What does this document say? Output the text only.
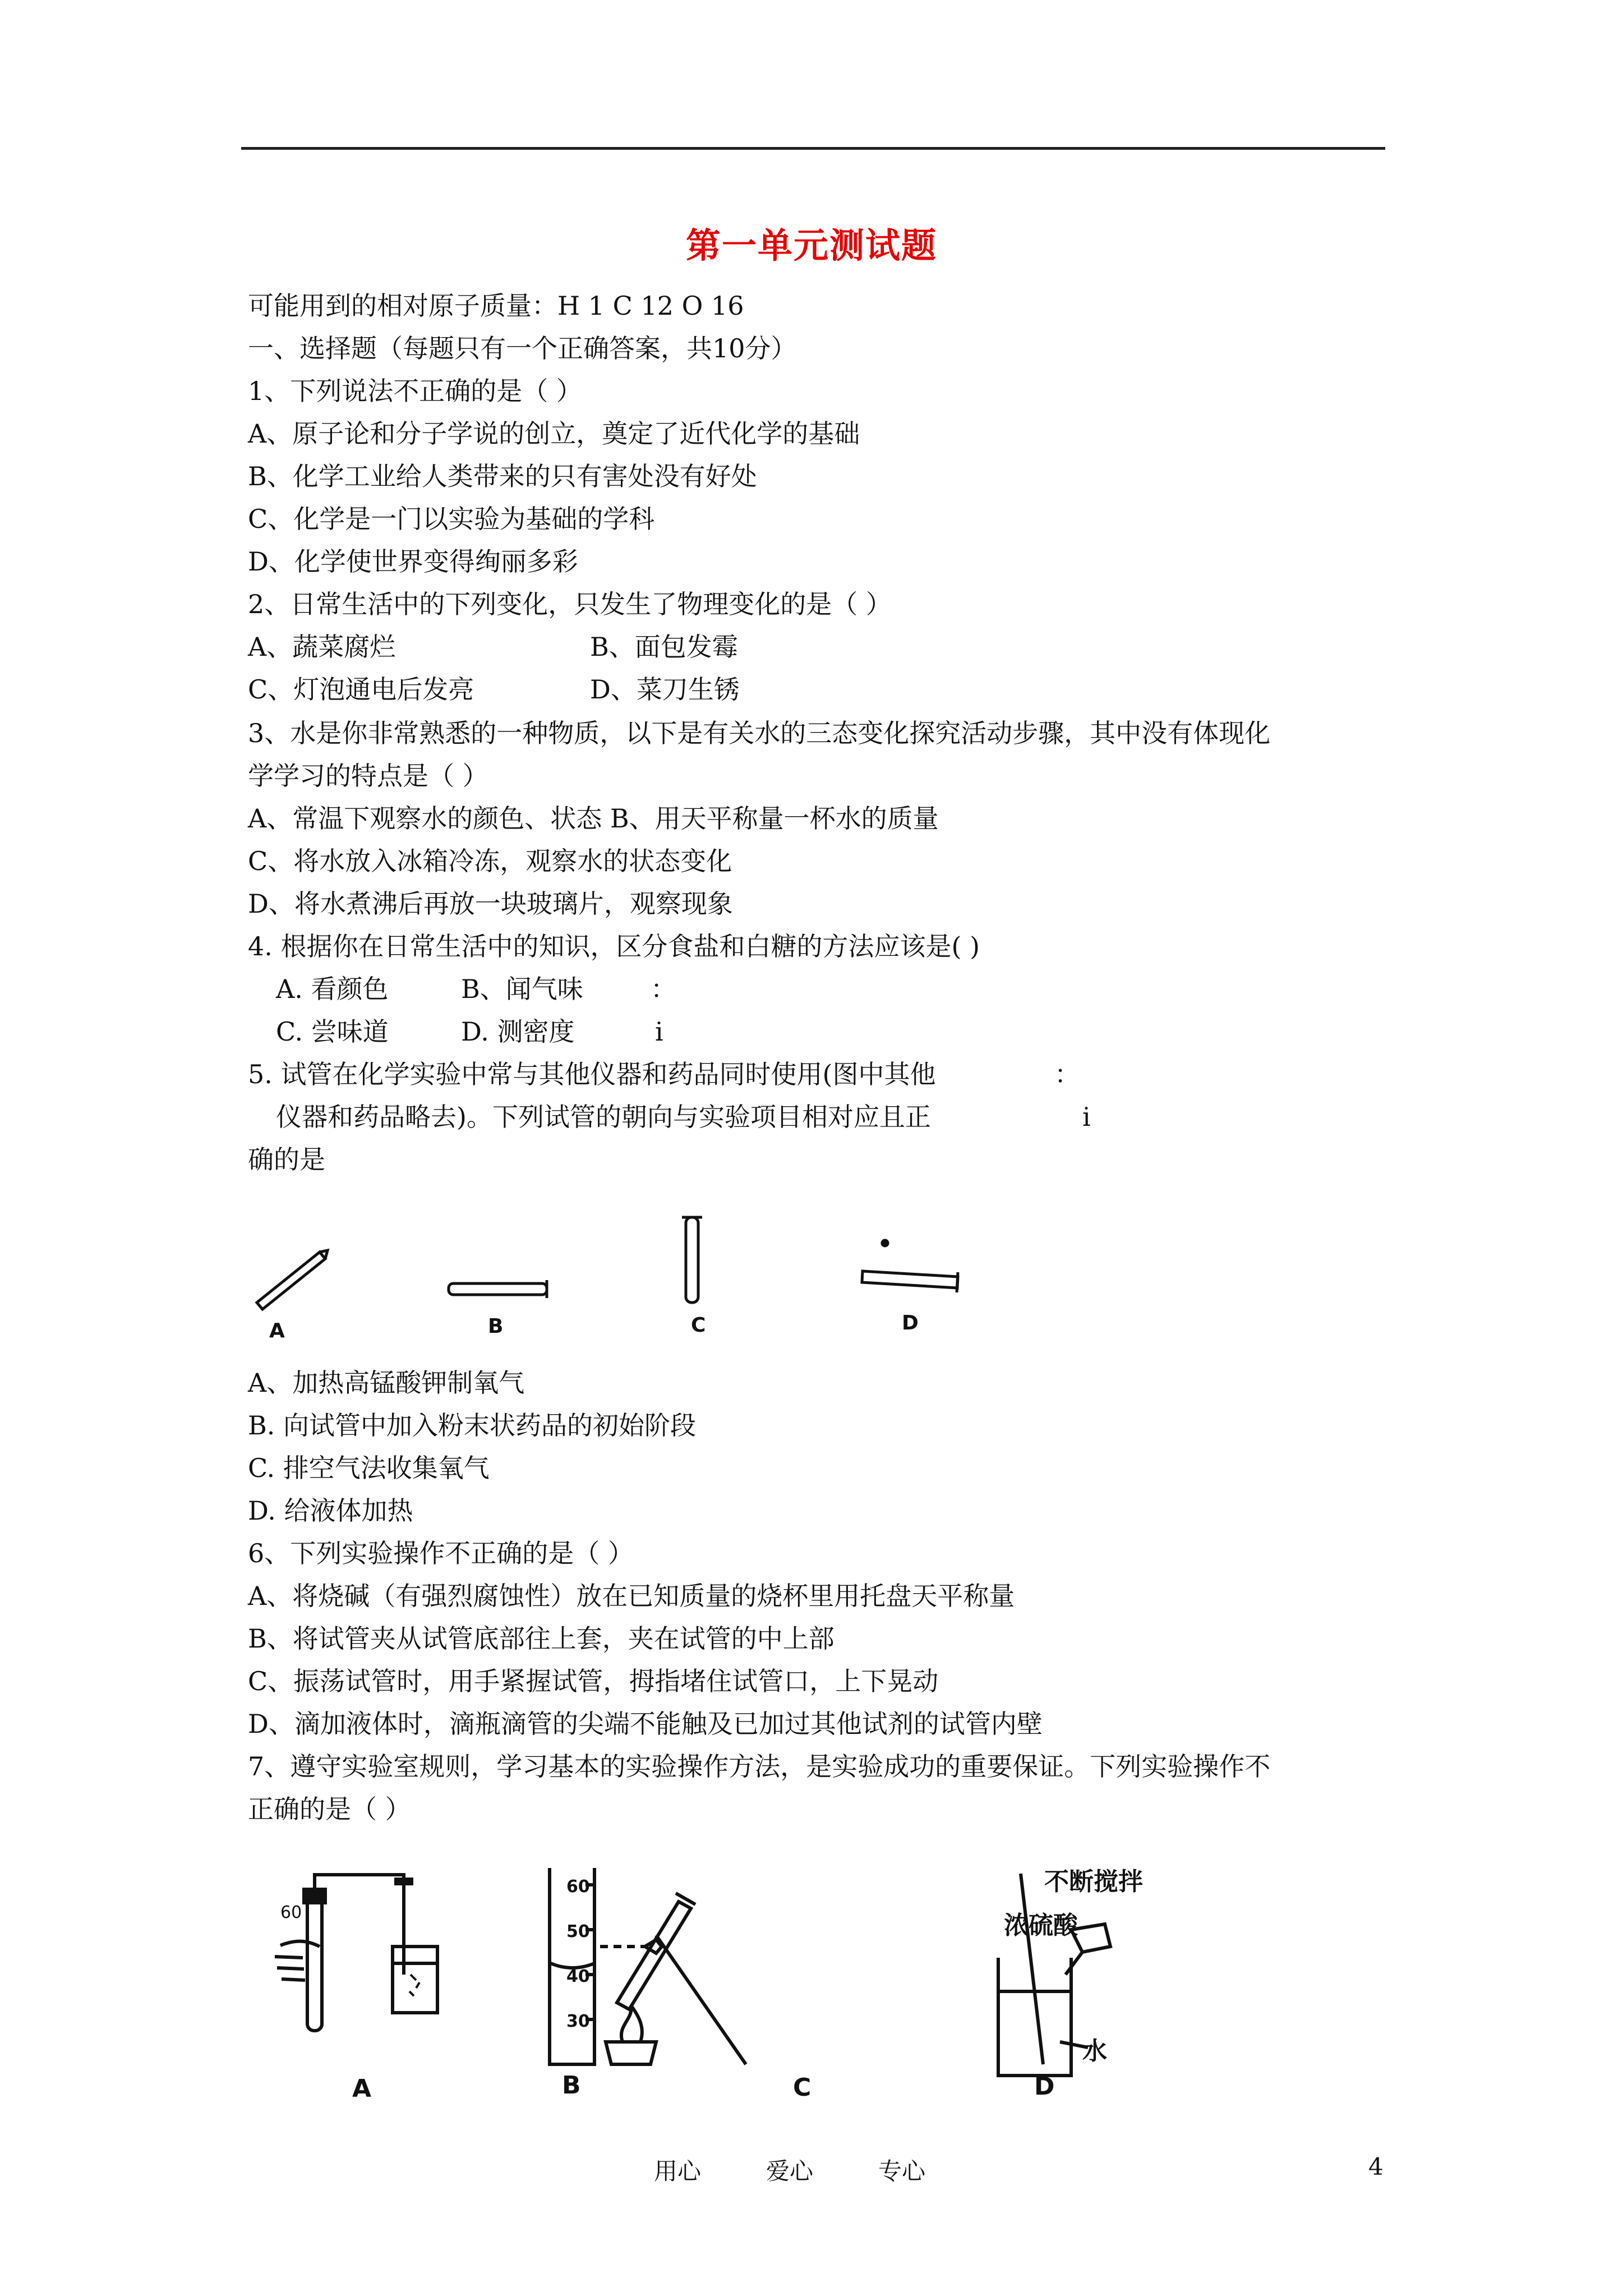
第一单元测试题
可能用到的相对原子质量：H 1 C 12 O 16
一、选择题（每题只有一个正确答案，共10分）
1、下列说法不正确的是（ ）
A、原子论和分子学说的创立，奠定了近代化学的基础
B、化学工业给人类带来的只有害处没有好处
C、化学是一门以实验为基础的学科
D、化学使世界变得绚丽多彩
2、日常生活中的下列变化，只发生了物理变化的是（ ）
A、蔬菜腐烂	B、面包发霉
C、灯泡通电后发亮	D、菜刀生锈
3、水是你非常熟悉的一种物质，以下是有关水的三态变化探究活动步骤，其中没有体现化
学学习的特点是（ ）
A、常温下观察水的颜色、状态 B、用天平称量一杯水的质量
C、将水放入冰箱冷冻，观察水的状态变化
D、将水煮沸后再放一块玻璃片，观察现象
4. 根据你在日常生活中的知识，区分食盐和白糖的方法应该是( )
A. 看颜色	B、闻气味	：
C. 尝味道	D. 测密度	i
5. 试管在化学实验中常与其他仪器和药品同时使用(图中其他	：
仪器和药品略去)。下列试管的朝向与实验项目相对应且正	i
确的是
A	B	C	D
A、加热高锰酸钾制氧气
B. 向试管中加入粉末状药品的初始阶段
C. 排空气法收集氧气
D. 给液体加热
6、下列实验操作不正确的是（ ）
A、将烧碱（有强烈腐蚀性）放在已知质量的烧杯里用托盘天平称量
B、将试管夹从试管底部往上套，夹在试管的中上部
C、振荡试管时，用手紧握试管，拇指堵住试管口，上下晃动
D、滴加液体时，滴瓶滴管的尖端不能触及已加过其他试剂的试管内壁
7、遵守实验室规则，学习基本的实验操作方法，是实验成功的重要保证。下列实验操作不
正确的是（ ）
60
60
50
40
30
不断搅拌
浓硫酸
水
A	B	C	D
用心	爱心	专心	4
